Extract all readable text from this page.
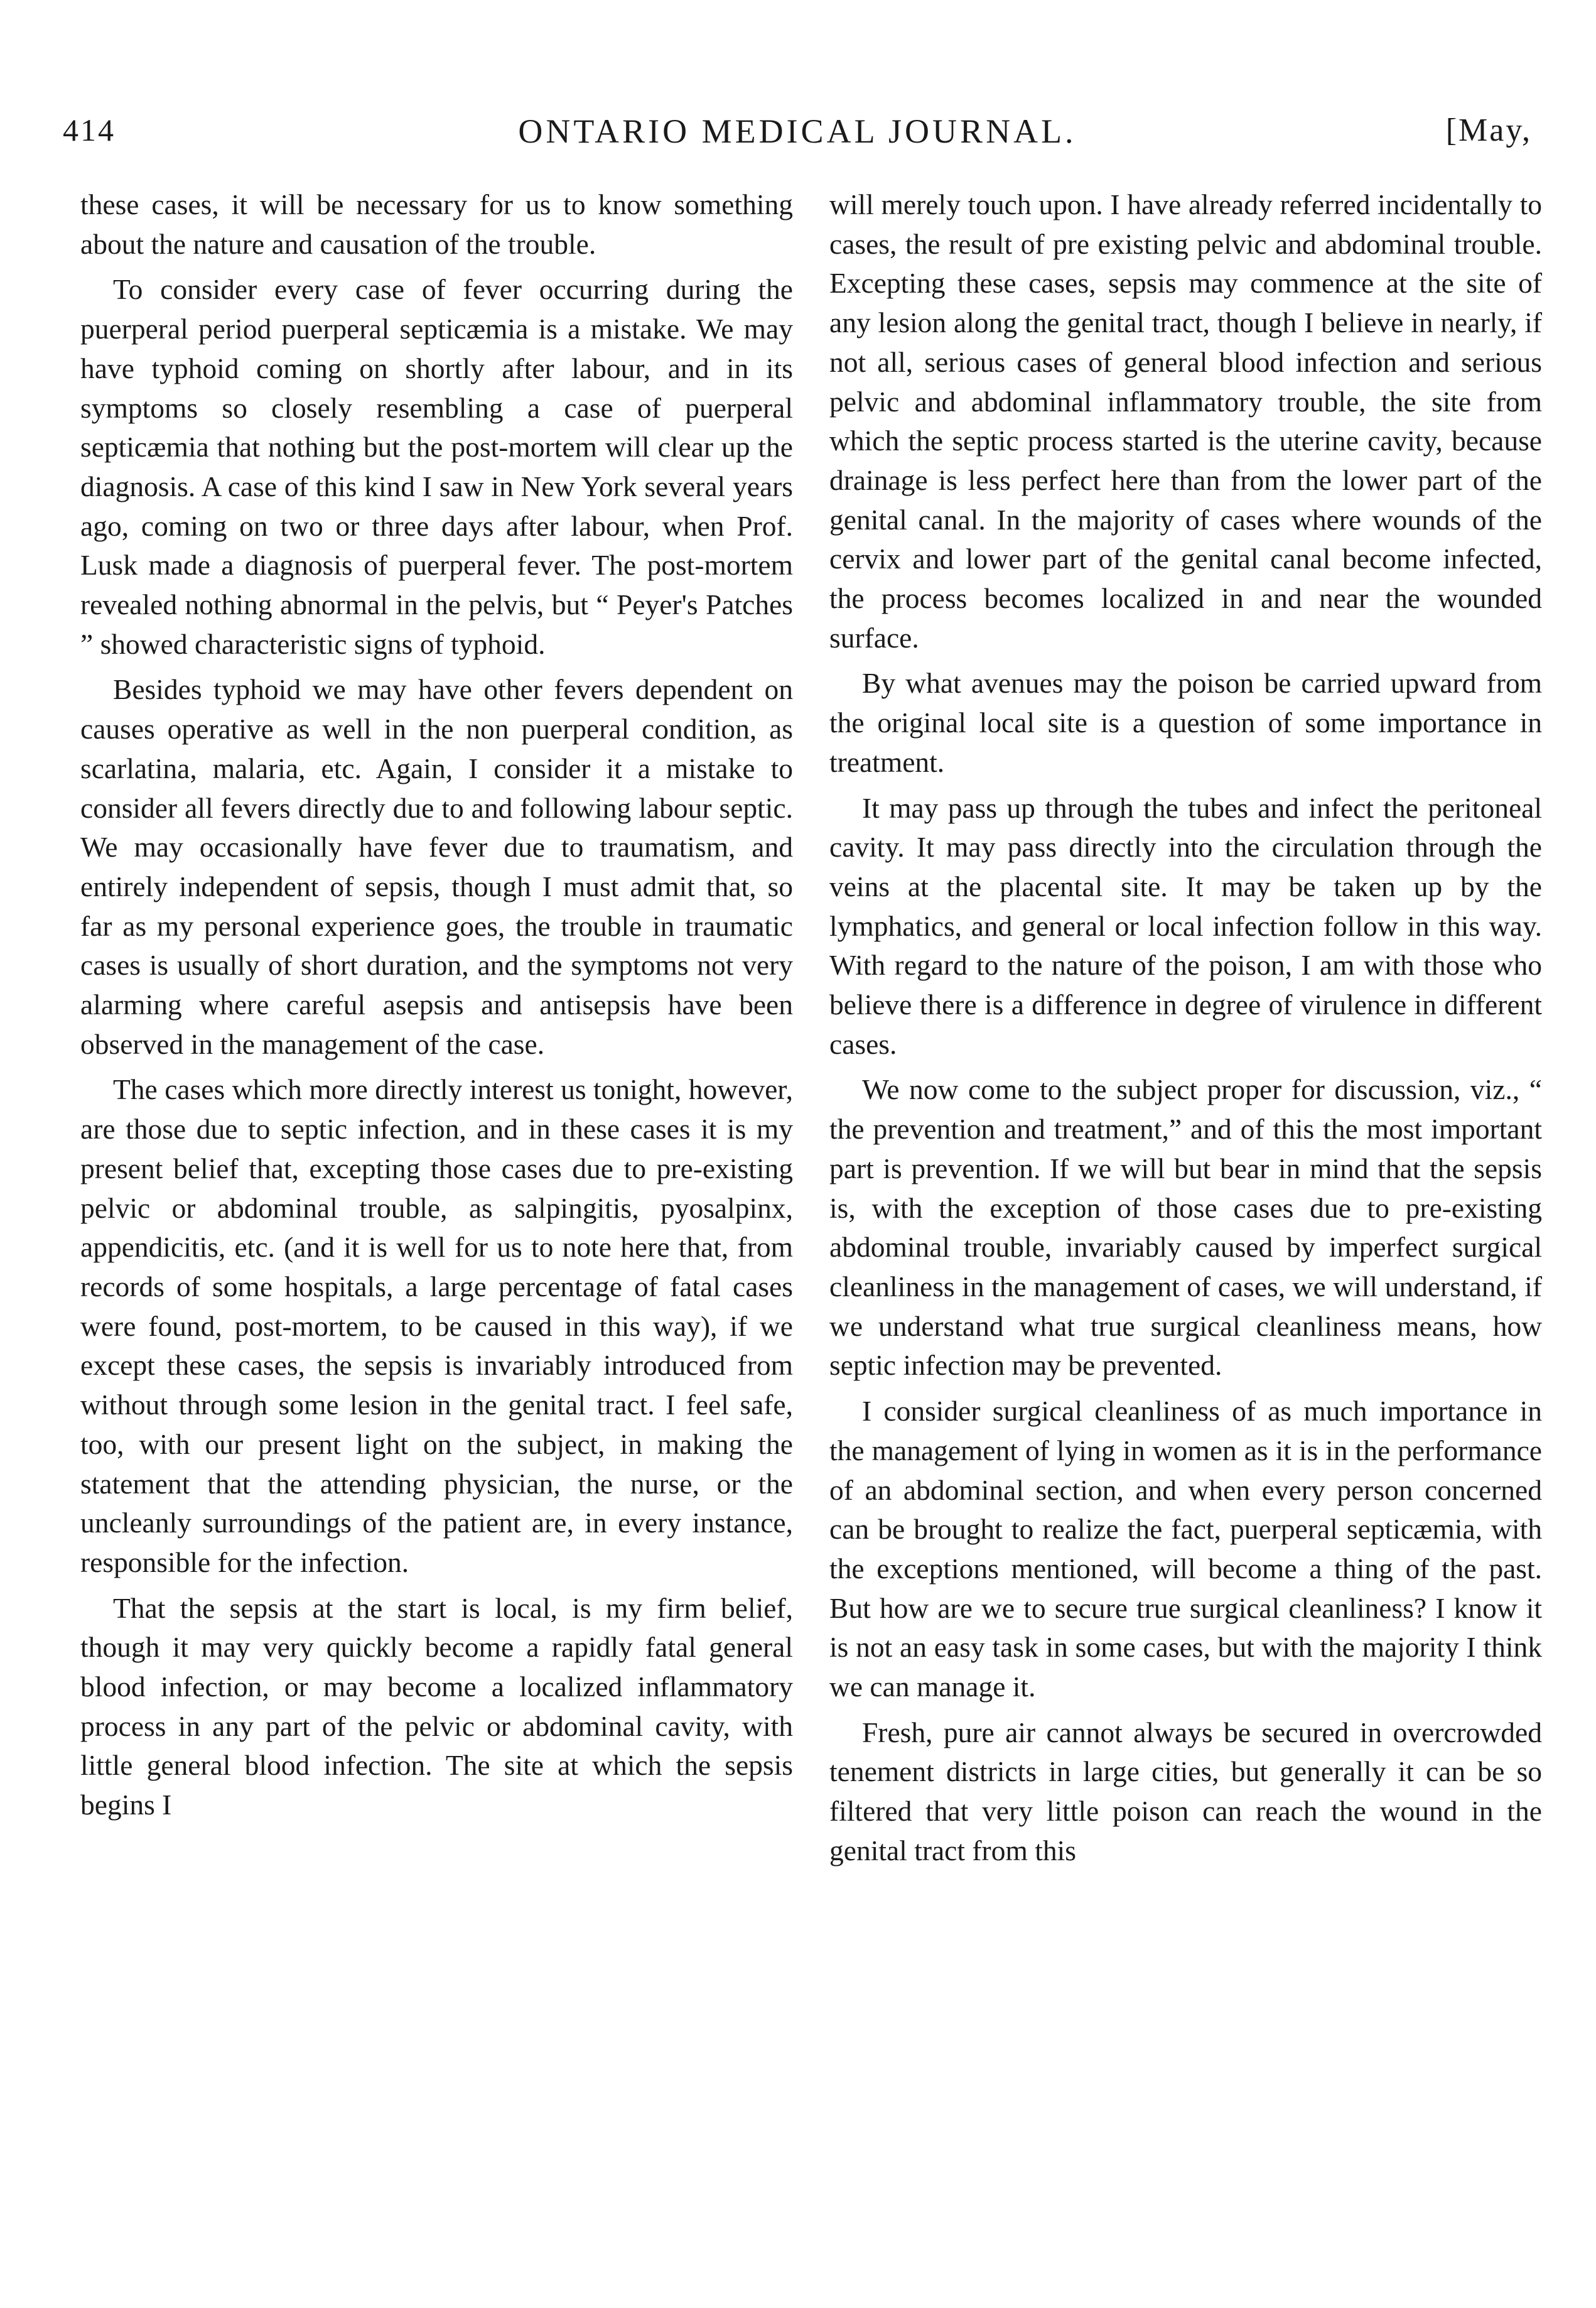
414	ONTARIO MEDICAL JOURNAL.	[May,

these cases, it will be necessary for us to know something about the nature and causation of the trouble.

To consider every case of fever occurring during the puerperal period puerperal septicæmia is a mistake. We may have typhoid coming on shortly after labour, and in its symptoms so closely resembling a case of puerperal septicæmia that nothing but the post-mortem will clear up the diagnosis. A case of this kind I saw in New York several years ago, coming on two or three days after labour, when Prof. Lusk made a diagnosis of puerperal fever. The post-mortem revealed nothing abnormal in the pelvis, but “ Peyer's Patches ” showed characteristic signs of typhoid.

Besides typhoid we may have other fevers dependent on causes operative as well in the non puerperal condition, as scarlatina, malaria, etc. Again, I consider it a mistake to consider all fevers directly due to and following labour septic. We may occasionally have fever due to traumatism, and entirely independent of sepsis, though I must admit that, so far as my personal experience goes, the trouble in traumatic cases is usually of short duration, and the symptoms not very alarming where careful asepsis and antisepsis have been observed in the management of the case.

The cases which more directly interest us tonight, however, are those due to septic infection, and in these cases it is my present belief that, excepting those cases due to pre-existing pelvic or abdominal trouble, as salpingitis, pyosalpinx, appendicitis, etc. (and it is well for us to note here that, from records of some hospitals, a large percentage of fatal cases were found, post-mortem, to be caused in this way), if we except these cases, the sepsis is invariably introduced from without through some lesion in the genital tract. I feel safe, too, with our present light on the subject, in making the statement that the attending physician, the nurse, or the uncleanly surroundings of the patient are, in every instance, responsible for the infection.

That the sepsis at the start is local, is my firm belief, though it may very quickly become a rapidly fatal general blood infection, or may become a localized inflammatory process in any part of the pelvic or abdominal cavity, with little general blood infection. The site at which the sepsis begins I

will merely touch upon. I have already referred incidentally to cases, the result of pre existing pelvic and abdominal trouble. Excepting these cases, sepsis may commence at the site of any lesion along the genital tract, though I believe in nearly, if not all, serious cases of general blood infection and serious pelvic and abdominal inflammatory trouble, the site from which the septic process started is the uterine cavity, because drainage is less perfect here than from the lower part of the genital canal. In the majority of cases where wounds of the cervix and lower part of the genital canal become infected, the process becomes localized in and near the wounded surface.

By what avenues may the poison be carried upward from the original local site is a question of some importance in treatment.

It may pass up through the tubes and infect the peritoneal cavity. It may pass directly into the circulation through the veins at the placental site. It may be taken up by the lymphatics, and general or local infection follow in this way. With regard to the nature of the poison, I am with those who believe there is a difference in degree of virulence in different cases.

We now come to the subject proper for discussion, viz., “ the prevention and treatment,” and of this the most important part is prevention. If we will but bear in mind that the sepsis is, with the exception of those cases due to pre-existing abdominal trouble, invariably caused by imperfect surgical cleanliness in the management of cases, we will understand, if we understand what true surgical cleanliness means, how septic infection may be prevented.

I consider surgical cleanliness of as much importance in the management of lying in women as it is in the performance of an abdominal section, and when every person concerned can be brought to realize the fact, puerperal septicæmia, with the exceptions mentioned, will become a thing of the past. But how are we to secure true surgical cleanliness? I know it is not an easy task in some cases, but with the majority I think we can manage it.

Fresh, pure air cannot always be secured in overcrowded tenement districts in large cities, but generally it can be so filtered that very little poison can reach the wound in the genital tract from this
